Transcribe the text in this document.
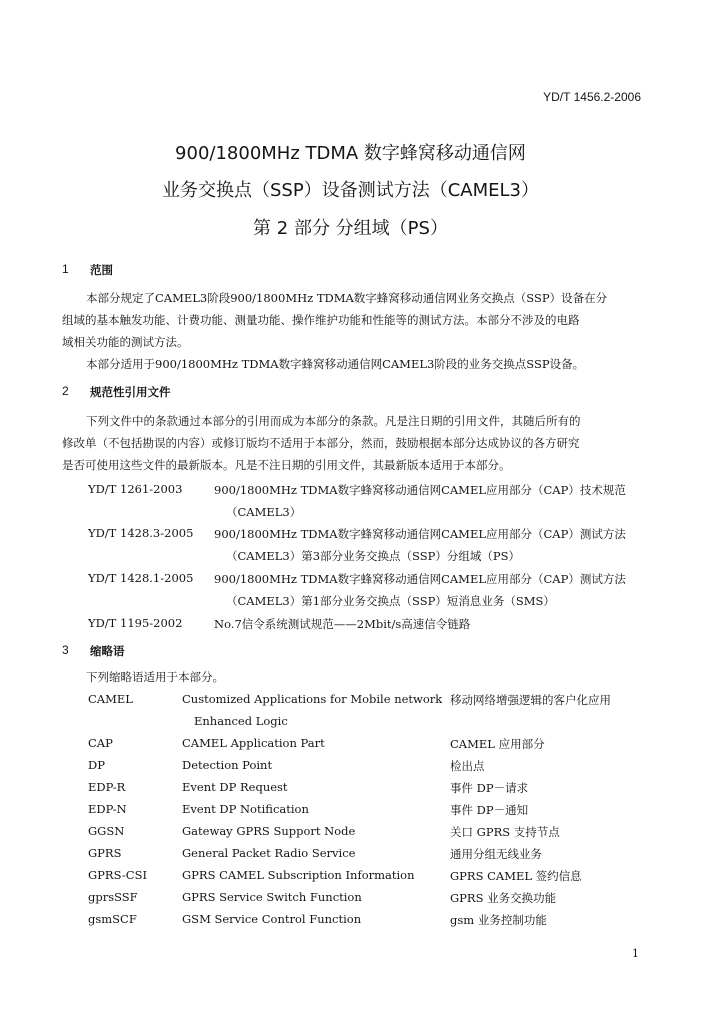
YD/T 1456.2-2006
900/1800MHz TDMA 数字蜂窝移动通信网
业务交换点（SSP）设备测试方法（CAMEL3）
第 2 部分 分组域（PS）
1 范围
本部分规定了CAMEL3阶段900/1800MHz TDMA数字蜂窝移动通信网业务交换点（SSP）设备在分
组域的基本触发功能、计费功能、测量功能、操作维护功能和性能等的测试方法。本部分不涉及的电路
域相关功能的测试方法。
本部分适用于900/1800MHz TDMA数字蜂窝移动通信网CAMEL3阶段的业务交换点SSP设备。
2 规范性引用文件
下列文件中的条款通过本部分的引用而成为本部分的条款。凡是注日期的引用文件，其随后所有的
修改单（不包括勘误的内容）或修订版均不适用于本部分，然而，鼓励根据本部分达成协议的各方研究
是否可使用这些文件的最新版本。凡是不注日期的引用文件，其最新版本适用于本部分。
YD/T 1261-2003	900/1800MHz TDMA数字蜂窝移动通信网CAMEL应用部分（CAP）技术规范
（CAMEL3）
YD/T 1428.3-2005 900/1800MHz TDMA数字蜂窝移动通信网CAMEL应用部分（CAP）测试方法
（CAMEL3）第3部分业务交换点（SSP）分组域（PS）
YD/T 1428.1-2005 900/1800MHz TDMA数字蜂窝移动通信网CAMEL应用部分（CAP）测试方法
（CAMEL3）第1部分业务交换点（SSP）短消息业务（SMS）
YD/T 1195-2002	No.7信令系统测试规范——2Mbit/s高速信令链路
3 缩略语
下列缩略语适用于本部分。
CAMEL	Customized Applications for Mobile network 移动网络增强逻辑的客户化应用
Enhanced Logic
CAP	CAMEL Application Part	CAMEL 应用部分
DP	Detection Point	检出点
EDP-R	Event DP Request	事件 DP－请求
EDP-N	Event DP Notification	事件 DP－通知
GGSN	Gateway GPRS Support Node	关口 GPRS 支持节点
GPRS	General Packet Radio Service	通用分组无线业务
GPRS-CSI	GPRS CAMEL Subscription Information	GPRS CAMEL 签约信息
gprsSSF	GPRS Service Switch Function	GPRS 业务交换功能
gsmSCF	GSM Service Control Function	gsm 业务控制功能
1
